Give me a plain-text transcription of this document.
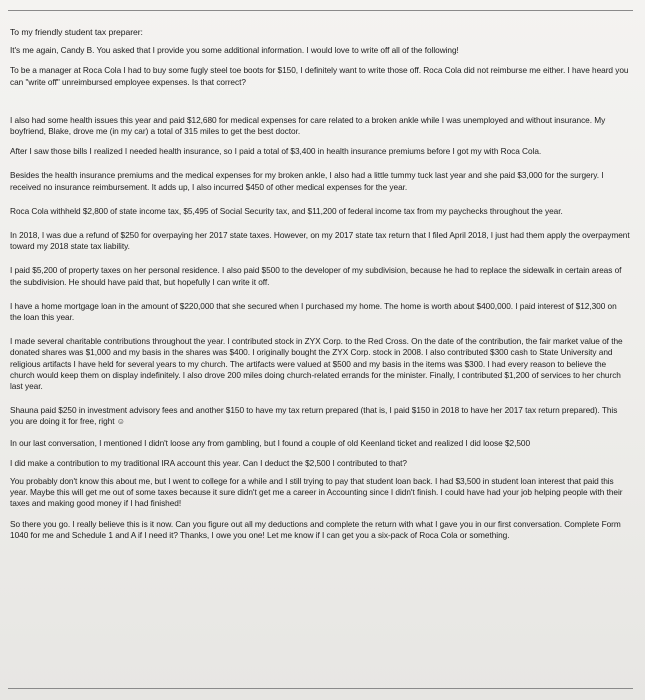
To my friendly student tax preparer:

It's me again, Candy B. You asked that I provide you some additional information. I would love to write off all of the following!

To be a manager at Roca Cola I had to buy some fugly steel toe boots for $150, I definitely want to write those off. Roca Cola did not reimburse me either. I have heard you can "write off" unreimbursed employee expenses. Is that correct?

I also had some health issues this year and paid $12,680 for medical expenses for care related to a broken ankle while I was unemployed and without insurance. My boyfriend, Blake, drove me (in my car) a total of 315 miles to get the best doctor.

After I saw those bills I realized I needed health insurance, so I paid a total of $3,400 in health insurance premiums before I got my with Roca Cola.

Besides the health insurance premiums and the medical expenses for my broken ankle, I also had a little tummy tuck last year and she paid $3,000 for the surgery. I received no insurance reimbursement. It adds up, I also incurred $450 of other medical expenses for the year.

Roca Cola withheld $2,800 of state income tax, $5,495 of Social Security tax, and $11,200 of federal income tax from my paychecks throughout the year.

In 2018, I was due a refund of $250 for overpaying her 2017 state taxes. However, on my 2017 state tax return that I filed April 2018, I just had them apply the overpayment toward my 2018 state tax liability.

I paid $5,200 of property taxes on her personal residence. I also paid $500 to the developer of my subdivision, because he had to replace the sidewalk in certain areas of the subdivision. He should have paid that, but hopefully I can write it off.

I have a home mortgage loan in the amount of $220,000 that she secured when I purchased my home. The home is worth about $400,000. I paid interest of $12,300 on the loan this year.

I made several charitable contributions throughout the year. I contributed stock in ZYX Corp. to the Red Cross. On the date of the contribution, the fair market value of the donated shares was $1,000 and my basis in the shares was $400. I originally bought the ZYX Corp. stock in 2008. I also contributed $300 cash to State University and religious artifacts I have held for several years to my church. The artifacts were valued at $500 and my basis in the items was $300. I had every reason to believe the church would keep them on display indefinitely. I also drove 200 miles doing church-related errands for the minister. Finally, I contributed $1,200 of services to her church last year.

Shauna paid $250 in investment advisory fees and another $150 to have my tax return prepared (that is, I paid $150 in 2018 to have her 2017 tax return prepared). This you are doing it for free, right ☺

In our last conversation, I mentioned I didn't loose any from gambling, but I found a couple of old Keenland ticket and realized I did loose $2,500

I did make a contribution to my traditional IRA account this year. Can I deduct the $2,500 I contributed to that?

You probably don't know this about me, but I went to college for a while and I still trying to pay that student loan back. I had $3,500 in student loan interest that paid this year. Maybe this will get me out of some taxes because it sure didn't get me a career in Accounting since I didn't finish. I could have had your job helping people with their taxes and making good money if I had finished!

So there you go. I really believe this is it now. Can you figure out all my deductions and complete the return with what I gave you in our first conversation. Complete Form 1040 for me and Schedule 1 and A if I need it? Thanks, I owe you one! Let me know if I can get you a six-pack of Roca Cola or something.
